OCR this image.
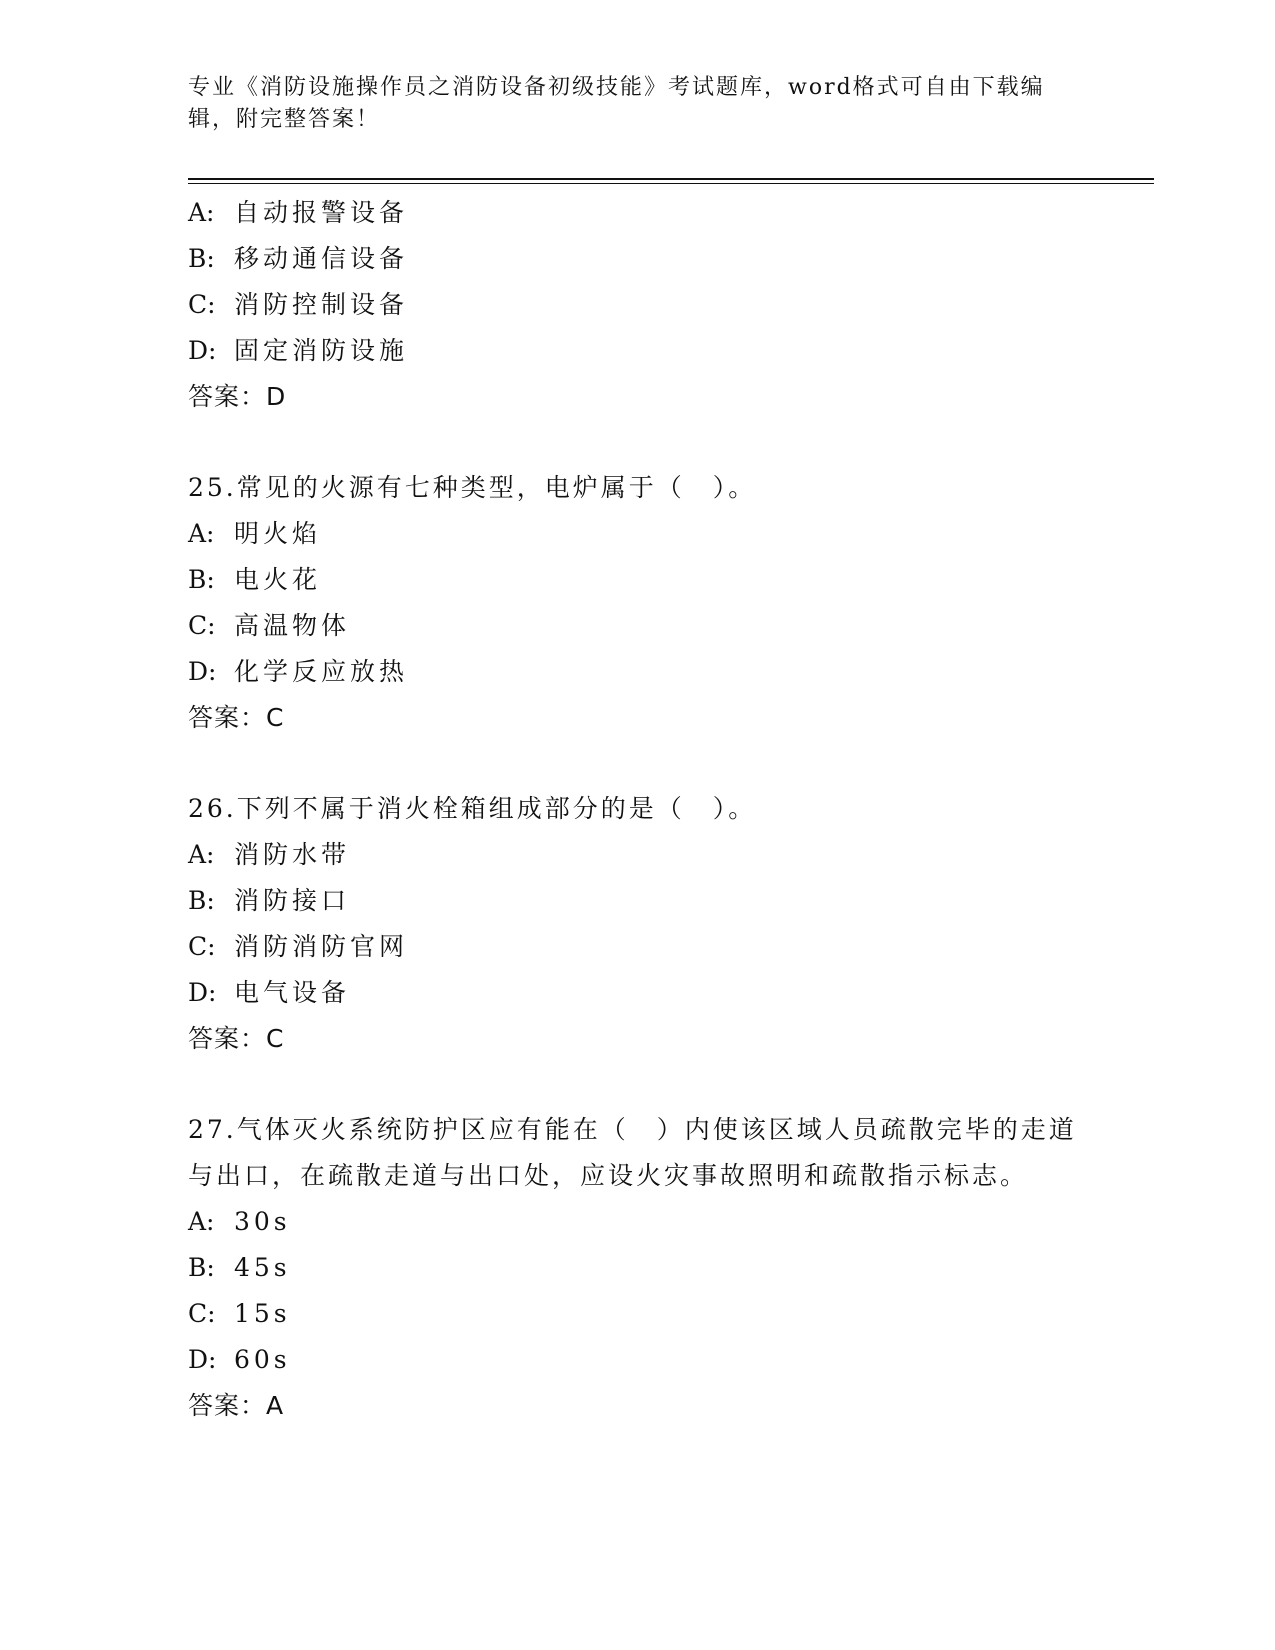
专业《消防设施操作员之消防设备初级技能》考试题库，word格式可自由下载编辑，附完整答案！
A: 自动报警设备
B: 移动通信设备
C: 消防控制设备
D: 固定消防设施
答案：D
25.常见的火源有七种类型，电炉属于（　）。
A: 明火焰
B: 电火花
C: 高温物体
D: 化学反应放热
答案：C
26.下列不属于消火栓箱组成部分的是（　）。
A: 消防水带
B: 消防接口
C: 消防消防官网
D: 电气设备
答案：C
27.气体灭火系统防护区应有能在（　）内使该区域人员疏散完毕的走道与出口，在疏散走道与出口处，应设火灾事故照明和疏散指示标志。
A: 30s
B: 45s
C: 15s
D: 60s
答案：A
